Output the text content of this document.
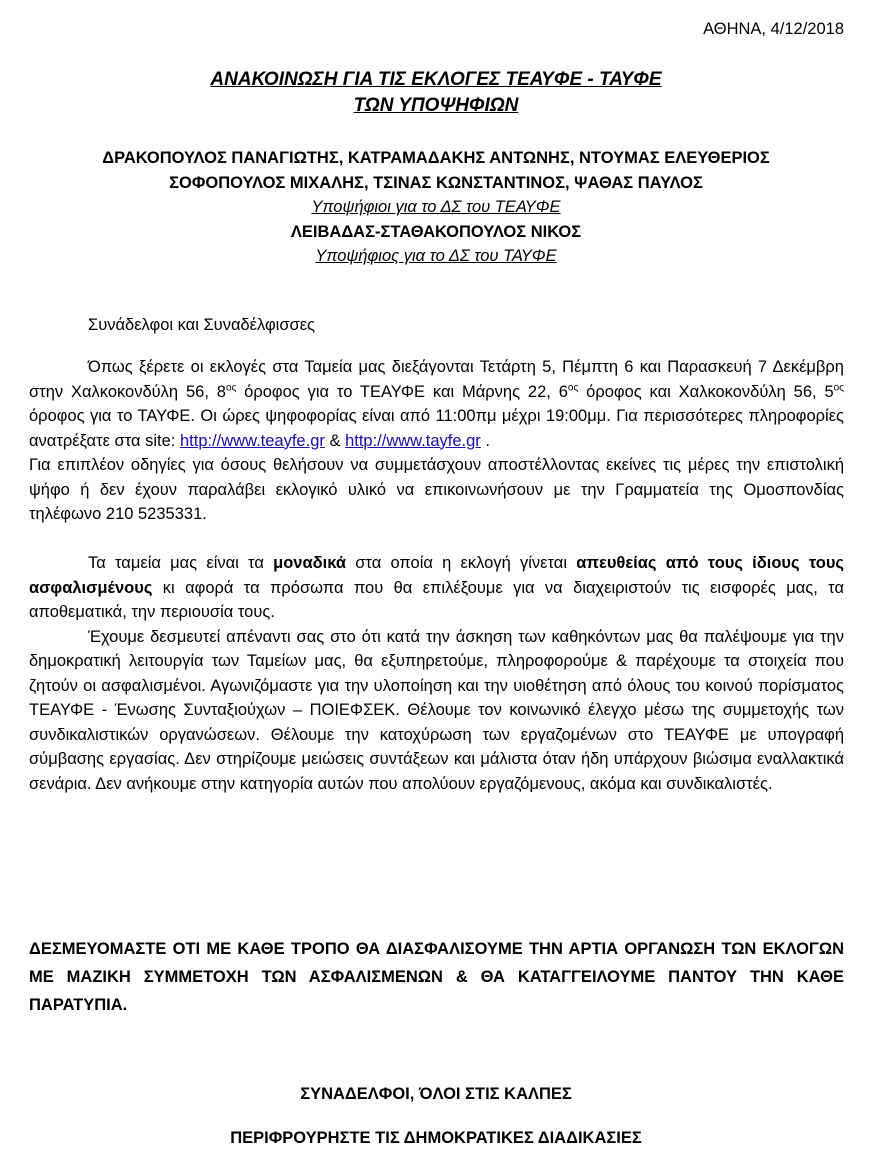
ΑΘΗΝΑ, 4/12/2018
ΑΝΑΚΟΙΝΩΣΗ ΓΙΑ ΤΙΣ ΕΚΛΟΓΕΣ ΤΕΑΥΦΕ - ΤΑΥΦΕ
ΤΩΝ ΥΠΟΨΗΦΙΩΝ
ΔΡΑΚΟΠΟΥΛΟΣ ΠΑΝΑΓΙΩΤΗΣ, ΚΑΤΡΑΜΑΔΑΚΗΣ ΑΝΤΩΝΗΣ, ΝΤΟΥΜΑΣ ΕΛΕΥΘΕΡΙΟΣ
ΣΟΦΟΠΟΥΛΟΣ ΜΙΧΑΛΗΣ, ΤΣΙΝΑΣ ΚΩΝΣΤΑΝΤΙΝΟΣ, ΨΑΘΑΣ ΠΑΥΛΟΣ
Υποψήφιοι για το ΔΣ του ΤΕΑΥΦΕ
ΛΕΙΒΑΔΑΣ-ΣΤΑΘΑΚΟΠΟΥΛΟΣ ΝΙΚΟΣ
Υποψήφιος για το ΔΣ του ΤΑΥΦΕ
Συνάδελφοι και Συναδέλφισσες

Όπως ξέρετε οι εκλογές στα Ταμεία μας διεξάγονται Τετάρτη 5, Πέμπτη 6 και Παρασκευή 7 Δεκέμβρη στην Χαλκοκονδύλη 56, $8^{o\varsigma}$ όροφος για το ΤΕΑΥΦΕ και Μάρνης 22, $6^{o\varsigma}$ όροφος και Χαλκοκονδύλη 56, $5^{o\varsigma}$ όροφος για το ΤΑΥΦΕ. Οι ώρες ψηφοφορίας είναι από 11:00πμ μέχρι 19:00μμ. Για περισσότερες πληροφορίες ανατρέξατε στα site: http://www.teayfe.gr & http://www.tayfe.gr .

Για επιπλέον οδηγίες για όσους θελήσουν να συμμετάσχουν αποστέλλοντας εκείνες τις μέρες την επιστολική ψήφο ή δεν έχουν παραλάβει εκλογικό υλικό να επικοινωνήσουν με την Γραμματεία της Ομοσπονδίας τηλέφωνο 210 5235331.

Τα ταμεία μας είναι τα μοναδικά στα οποία η εκλογή γίνεται απευθείας από τους ίδιους τους ασφαλισμένους κι αφορά τα πρόσωπα που θα επιλέξουμε για να διαχειριστούν τις εισφορές μας, τα αποθεματικά, την περιουσία τους.

Έχουμε δεσμευτεί απέναντι σας στο ότι κατά την άσκηση των καθηκόντων μας θα παλέψουμε για την δημοκρατική λειτουργία των Ταμείων μας, θα εξυπηρετούμε, πληροφορούμε & παρέχουμε τα στοιχεία που ζητούν οι ασφαλισμένοι. Αγωνιζόμαστε για την υλοποίηση και την υιοθέτηση από όλους του κοινού πορίσματος ΤΕΑΥΦΕ - Ένωσης Συνταξιούχων – ΠΟΙΕΦΣΕΚ. Θέλουμε τον κοινωνικό έλεγχο μέσω της συμμετοχής των συνδικαλιστικών οργανώσεων. Θέλουμε την κατοχύρωση των εργαζομένων στο ΤΕΑΥΦΕ με υπογραφή σύμβασης εργασίας. Δεν στηρίζουμε μειώσεις συντάξεων και μάλιστα όταν ήδη υπάρχουν βιώσιμα εναλλακτικά σενάρια. Δεν ανήκουμε στην κατηγορία αυτών που απολύουν εργαζόμενους, ακόμα και συνδικαλιστές.

ΔΕΣΜΕΥΟΜΑΣΤΕ ΟΤΙ ΜΕ ΚΑΘΕ ΤΡΟΠΟ ΘΑ ΔΙΑΣΦΑΛΙΣΟΥΜΕ ΤΗΝ ΑΡΤΙΑ ΟΡΓΑΝΩΣΗ ΤΩΝ ΕΚΛΟΓΩΝ ΜΕ ΜΑΖΙΚΗ ΣΥΜΜΕΤΟΧΗ ΤΩΝ ΑΣΦΑΛΙΣΜΕΝΩΝ & ΘΑ ΚΑΤΑΓΓΕΙΛΟΥΜΕ ΠΑΝΤΟΥ ΤΗΝ ΚΑΘΕ ΠΑΡΑΤΥΠΙΑ.
ΣΥΝΑΔΕΛΦΟΙ, ΌΛΟΙ ΣΤΙΣ ΚΑΛΠΕΣ
ΠΕΡΙΦΡΟΥΡΗΣΤΕ ΤΙΣ ΔΗΜΟΚΡΑΤΙΚΕΣ ΔΙΑΔΙΚΑΣΙΕΣ
